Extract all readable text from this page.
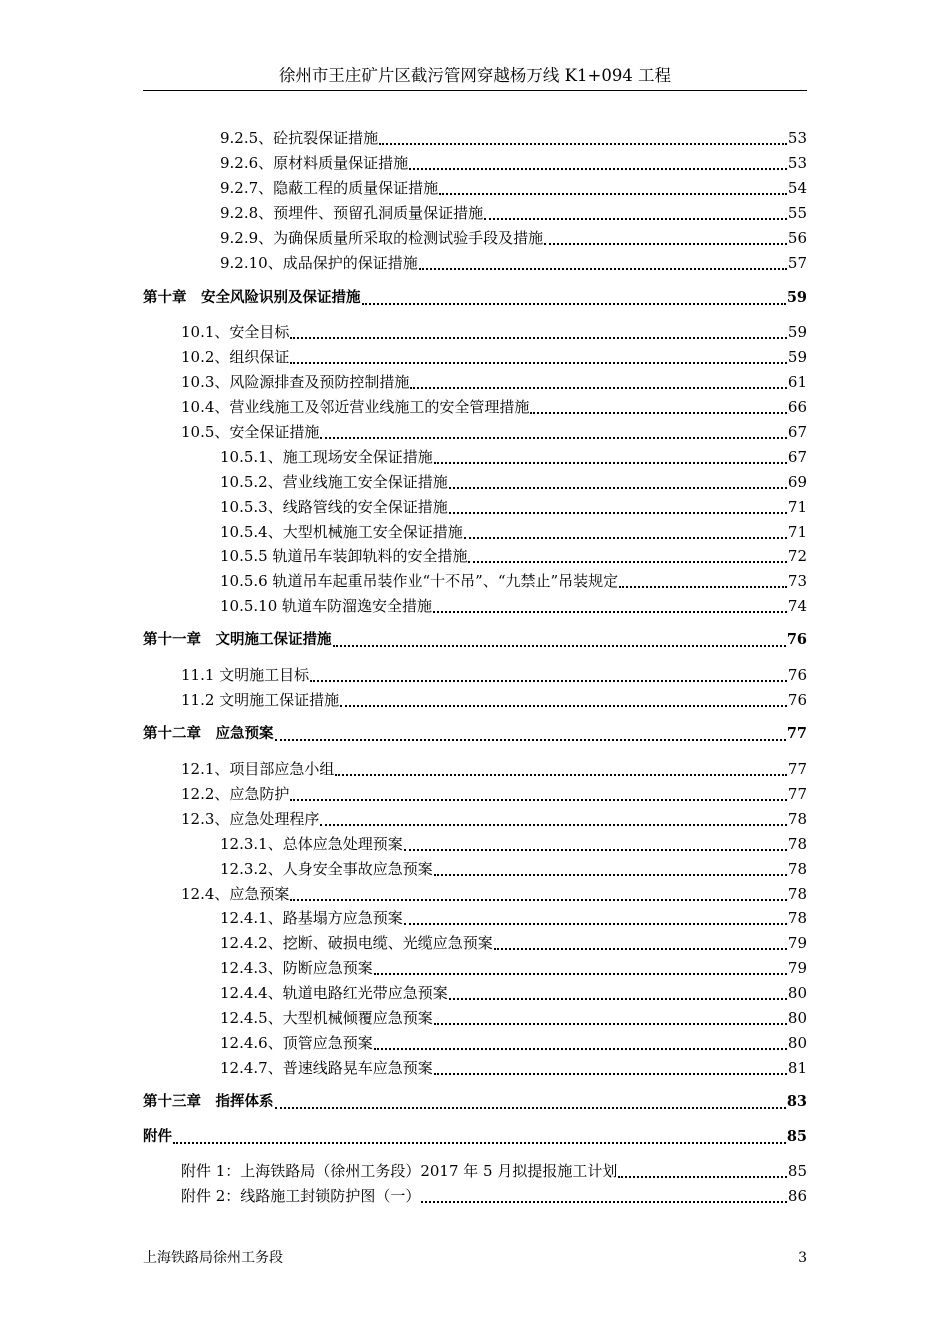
徐州市王庄矿片区截污管网穿越杨万线 K1+094 工程
9.2.5、砼抗裂保证措施	53
9.2.6、原材料质量保证措施	53
9.2.7、隐蔽工程的质量保证措施	54
9.2.8、预埋件、预留孔洞质量保证措施	55
9.2.9、为确保质量所采取的检测试验手段及措施	56
9.2.10、成品保护的保证措施	57
第十章　安全风险识别及保证措施	59
10.1、安全目标	59
10.2、组织保证	59
10.3、风险源排查及预防控制措施	61
10.4、营业线施工及邻近营业线施工的安全管理措施	66
10.5、安全保证措施	67
10.5.1、施工现场安全保证措施	67
10.5.2、营业线施工安全保证措施	69
10.5.3、线路管线的安全保证措施	71
10.5.4、大型机械施工安全保证措施	71
10.5.5 轨道吊车装卸轨料的安全措施	72
10.5.6 轨道吊车起重吊装作业“十不吊”、“九禁止”吊装规定	73
10.5.10 轨道车防溜逸安全措施	74
第十一章　文明施工保证措施	76
11.1 文明施工目标	76
11.2 文明施工保证措施	76
第十二章　应急预案	77
12.1、项目部应急小组	77
12.2、应急防护	77
12.3、应急处理程序	78
12.3.1、总体应急处理预案	78
12.3.2、人身安全事故应急预案	78
12.4、应急预案	78
12.4.1、路基塌方应急预案	78
12.4.2、挖断、破损电缆、光缆应急预案	79
12.4.3、防断应急预案	79
12.4.4、轨道电路红光带应急预案	80
12.4.5、大型机械倾覆应急预案	80
12.4.6、顶管应急预案	80
12.4.7、普速线路晃车应急预案	81
第十三章　指挥体系	83
附件	85
附件 1：上海铁路局（徐州工务段）2017 年 5 月拟提报施工计划	85
附件 2：线路施工封锁防护图（一）	86
上海铁路局徐州工务段	3
